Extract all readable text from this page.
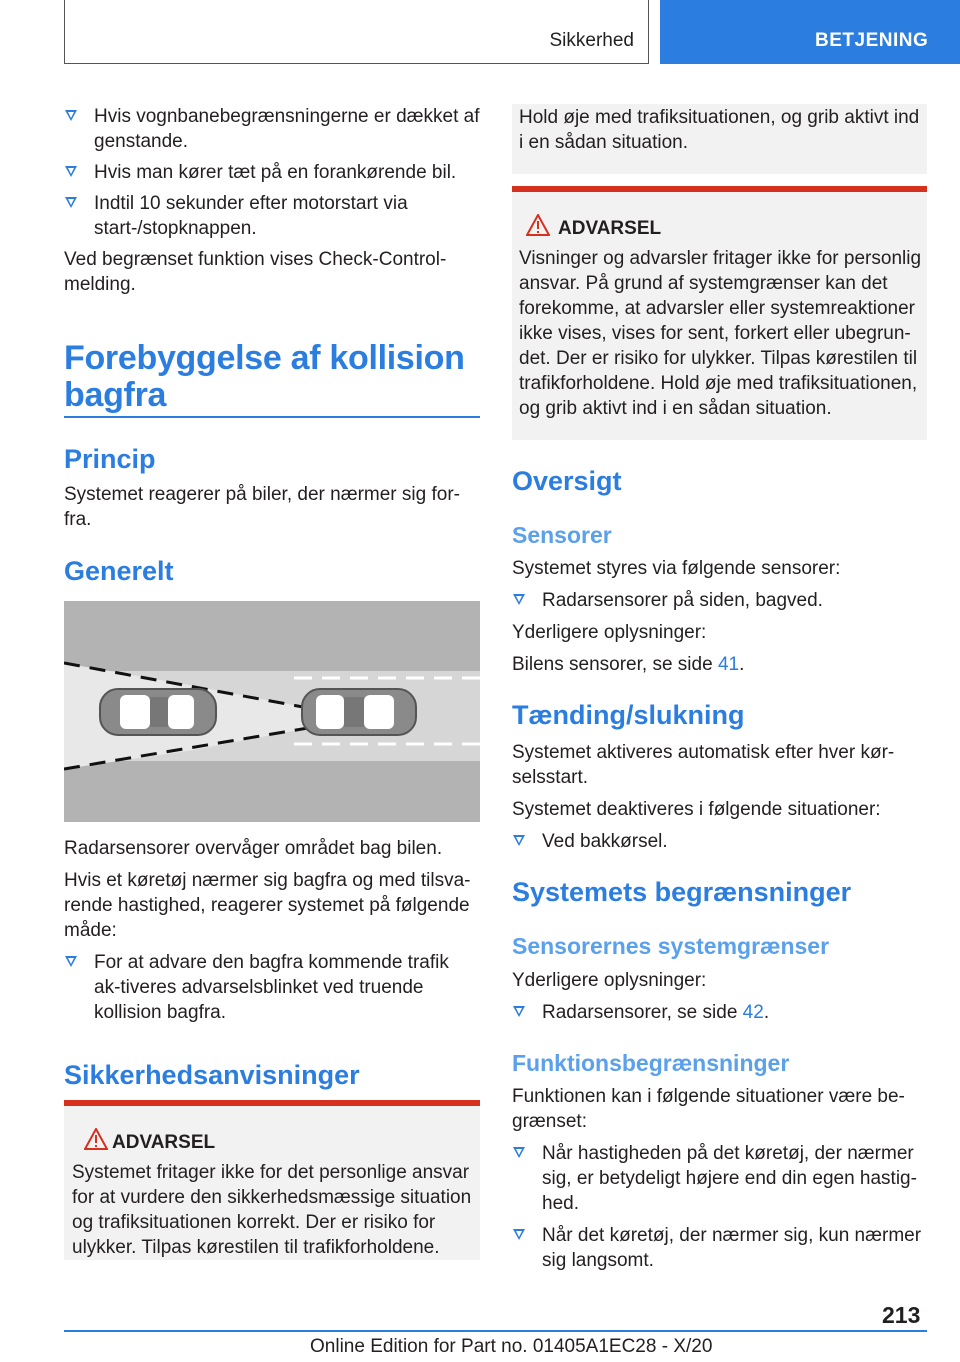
Sikkerhed	BETJENING
Hvis vognbanebegrænsningerne er dækket af genstande.
Hvis man kører tæt på en forankørende bil.
Indtil 10 sekunder efter motorstart via start-/stopknappen.

Ved begrænset funktion vises Check-Control-melding.

Forebyggelse af kollision
bagfra
Princip

Systemet reagerer på biler, der nærmer sig for-fra.

Generelt

Radarsensorer overvåger området bag bilen.

Hvis et køretøj nærmer sig bagfra og med tilsva-rende hastighed, reagerer systemet på følgende måde:

For at advare den bagfra kommende trafik ak-tiveres advarselsblinket ved truende kollision bagfra.
Sikkerhedsanvisninger
ADVARSEL

Systemet fritager ikke for det personlige ansvar for at vurdere den sikkerhedsmæssige situation og trafiksituationen korrekt. Der er risiko for ulykker. Tilpas kørestilen til trafikforholdene.

Hold øje med trafiksituationen, og grib aktivt ind i en sådan situation.

ADVARSEL

Visninger og advarsler fritager ikke for personlig ansvar. På grund af systemgrænser kan det forekomme, at advarsler eller systemreaktioner ikke vises, vises for sent, forkert eller ubegrun-det. Der er risiko for ulykker. Tilpas kørestilen til trafikforholdene. Hold øje med trafiksituationen, og grib aktivt ind i en sådan situation.

Oversigt
Sensorer

Systemet styres via følgende sensorer:

Radarsensorer på siden, bagved.

Yderligere oplysninger:

Bilens sensorer, se side 41.

Tænding/slukning

Systemet aktiveres automatisk efter hver kør-selsstart.

Systemet deaktiveres i følgende situationer:

Ved bakkørsel.
Systemets begrænsninger
Sensorernes systemgrænser

Yderligere oplysninger:

Radarsensorer, se side 42.
Funktionsbegrænsninger

Funktionen kan i følgende situationer være be-grænset:

Når hastigheden på det køretøj, der nærmer sig, er betydeligt højere end din egen hastig-hed.
Når det køretøj, der nærmer sig, kun nærmer sig langsomt.
213
Online Edition for Part no. 01405A1EC28 - X/20
